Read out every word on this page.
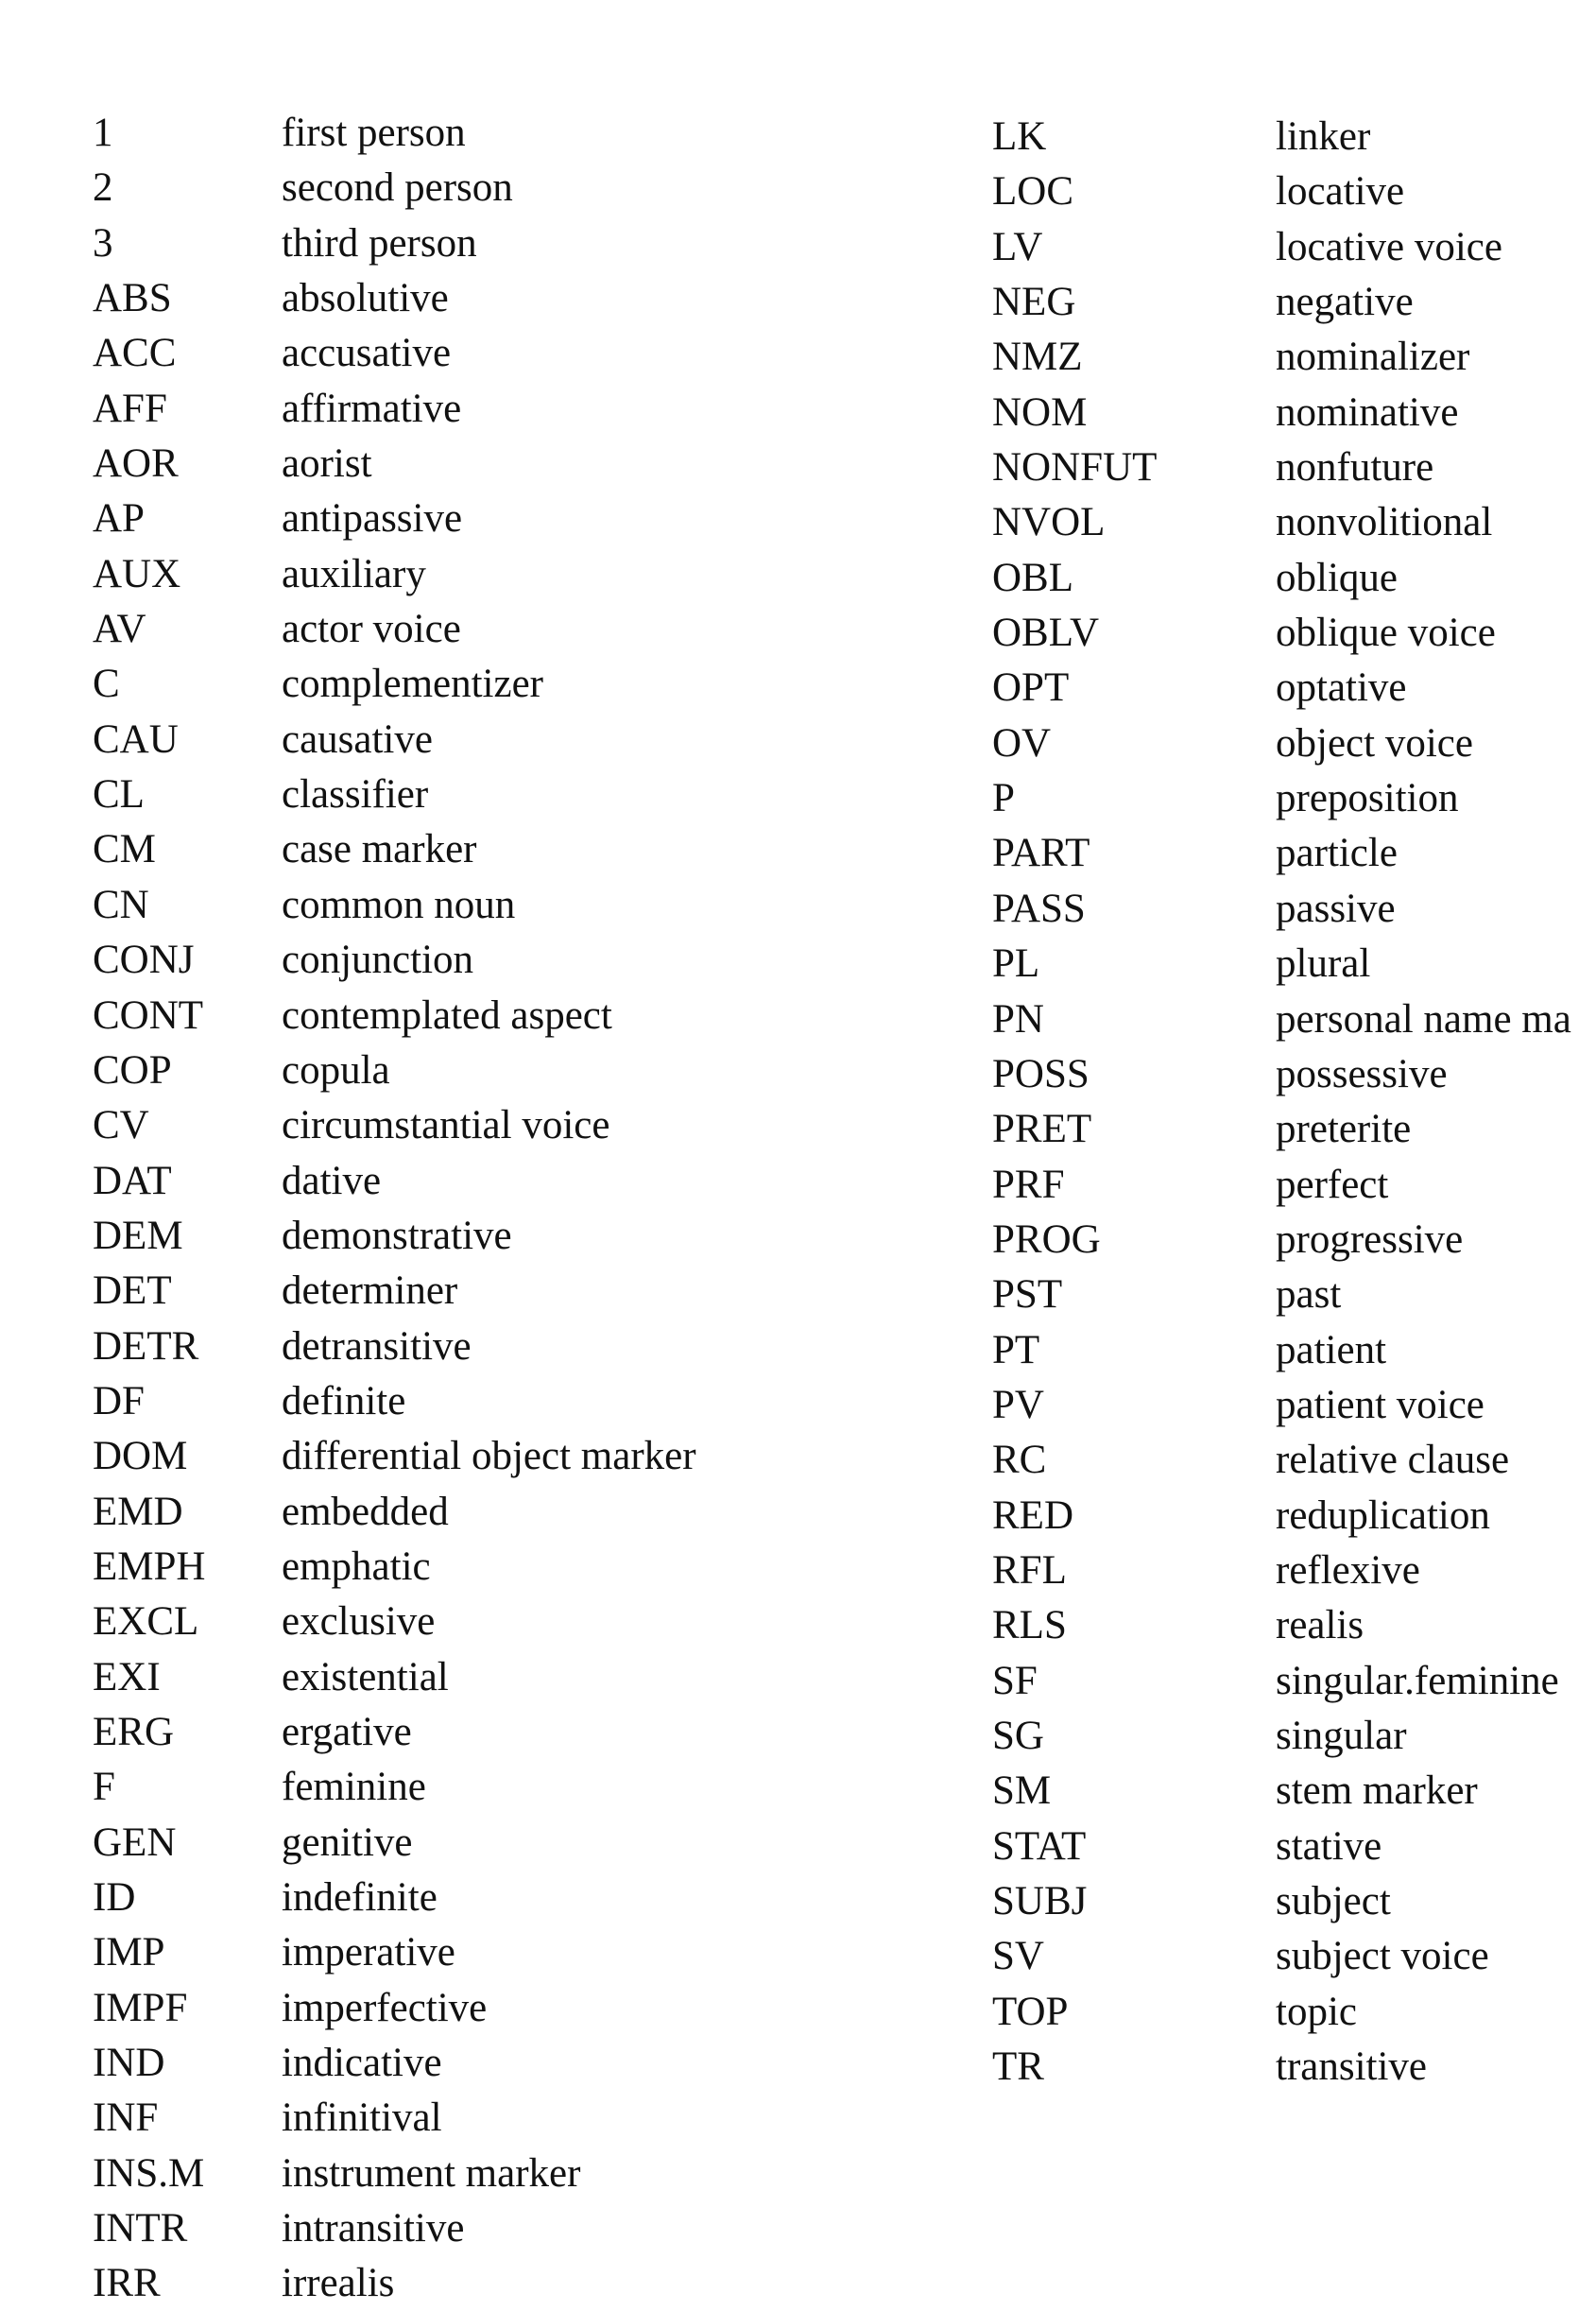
1	first person
2	second person
3	third person
ABS	absolutive
ACC	accusative
AFF	affirmative
AOR	aorist
AP	antipassive
AUX	auxiliary
AV	actor voice
C	complementizer
CAU	causative
CL	classifier
CM	case marker
CN	common noun
CONJ	conjunction
CONT	contemplated aspect
COP	copula
CV	circumstantial voice
DAT	dative
DEM	demonstrative
DET	determiner
DETR	detransitive
DF	definite
DOM	differential object marker
EMD	embedded
EMPH	emphatic
EXCL	exclusive
EXI	existential
ERG	ergative
F	feminine
GEN	genitive
ID	indefinite
IMP	imperative
IMPF	imperfective
IND	indicative
INF	infinitival
INS.M	instrument marker
INTR	intransitive
IRR	irrealis
LK	linker
LOC	locative
LV	locative voice
NEG	negative
NMZ	nominalizer
NOM	nominative
NONFUT	nonfuture
NVOL	nonvolitional
OBL	oblique
OBLV	oblique voice
OPT	optative
OV	object voice
P	preposition
PART	particle
PASS	passive
PL	plural
PN	personal name ma
POSS	possessive
PRET	preterite
PRF	perfect
PROG	progressive
PST	past
PT	patient
PV	patient voice
RC	relative clause
RED	reduplication
RFL	reflexive
RLS	realis
SF	singular.feminine
SG	singular
SM	stem marker
STAT	stative
SUBJ	subject
SV	subject voice
TOP	topic
TR	transitive
